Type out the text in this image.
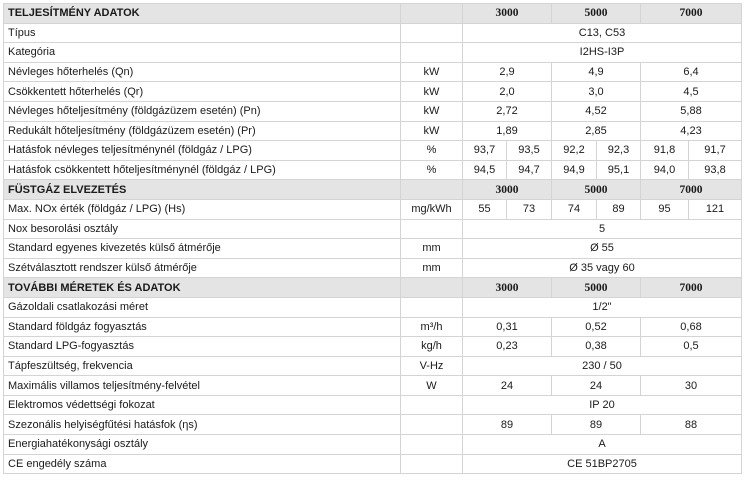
TELJESÍTMÉNY ADATOK		3000		5000		7000	
Típus		C13, C53					
Kategória		I2HS-I3P					
Névleges hőterhelés (Qn)	kW	2,9		4,9		6,4	
Csökkentett hőterhelés (Qr)	kW	2,0		3,0		4,5	
Névleges hőteljesítmény (földgázüzem esetén) (Pn)	kW	2,72		4,52		5,88	
Redukált hőteljesítmény (földgázüzem esetén) (Pr)	kW	1,89		2,85		4,23	
Hatásfok névleges teljesítménynél (földgáz / LPG)	%	93,7	93,5	92,2	92,3	91,8	91,7
Hatásfok csökkentett hőteljesítménynél (földgáz / LPG)	%	94,5	94,7	94,9	95,1	94,0	93,8
FÜSTGÁZ ELVEZETÉS		3000		5000		7000	
Max. NOx érték (földgáz / LPG) (Hs)	mg/kWh	55	73	74	89	95	121
Nox besorolási osztály		5					
Standard egyenes kivezetés külső átmérője	mm	Ø 55					
Szétválasztott rendszer külső átmérője	mm	Ø 35 vagy 60					
TOVÁBBI MÉRETEK ÉS ADATOK		3000		5000		7000	
Gázoldali csatlakozási méret		1/2"					
Standard földgáz fogyasztás	m³/h	0,31		0,52		0,68	
Standard LPG-fogyasztás	kg/h	0,23		0,38		0,5	
Tápfeszültség, frekvencia	V-Hz	230 / 50					
Maximális villamos teljesítmény-felvétel	W	24		24		30	
Elektromos védettségi fokozat		IP 20					
Szezonális helyiségfűtési hatásfok (ηs)		89		89		88	
Energiahatékonysági osztály		A					
CE engedély száma		CE 51BP2705					
